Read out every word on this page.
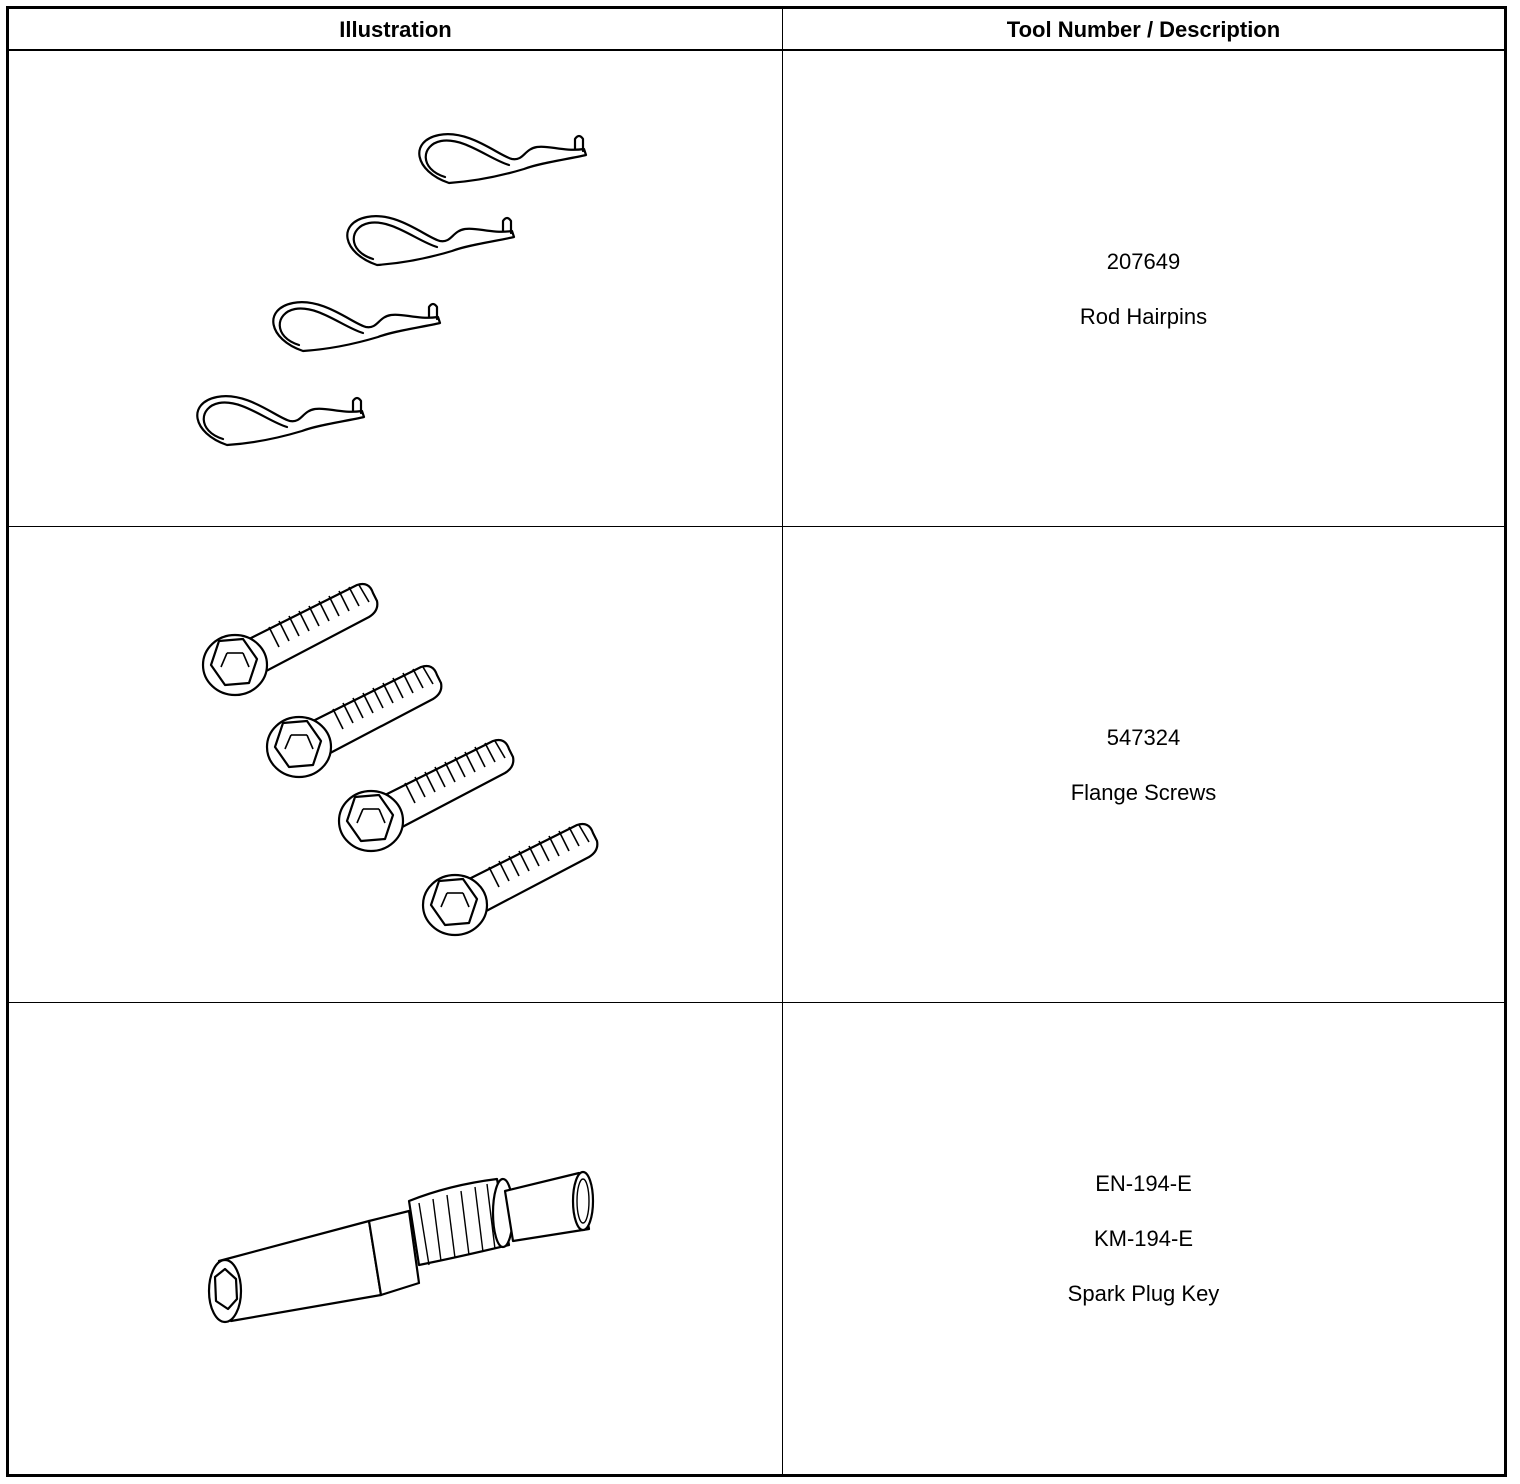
Illustration	Tool Number / Description
207649
Rod Hairpins
547324
Flange Screws
EN-194-E
KM-194-E
Spark Plug Key
